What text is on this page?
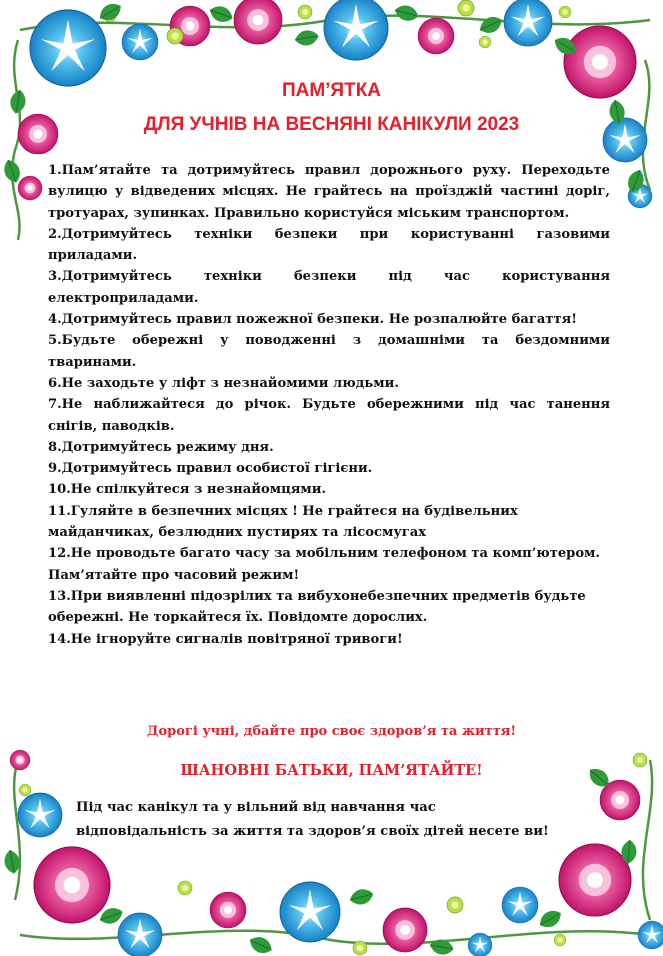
ПАМ’ЯТКА
ДЛЯ УЧНІВ НА ВЕСНЯНІ КАНІКУЛИ 2023

1.Пам’ятайте та дотримуйтесь правил дорожнього руху. Переходьте вулицю у відведених місцях. Не грайтесь на проїзджій частині доріг, тротуарах, зупинках. Правильно користуйся міським транспортом.

2.Дотримуйтесь техніки безпеки при користуванні газовими приладами.

3.Дотримуйтесь техніки безпеки під час користування електроприладами.

4.Дотримуйтесь правил пожежної безпеки. Не розпалюйте багаття!

5.Будьте обережні у поводженні з домашніми та бездомними тваринами.

6.Не заходьте у ліфт з незнайомими людьми.

7.Не наближайтеся до річок. Будьте обережними під час танення снігів, паводків.

8.Дотримуйтесь режиму дня.

9.Дотримуйтесь правил особистої гігієни.

10.Не спілкуйтеся з незнайомцями.

11.Гуляйте в безпечних місцях ! Не грайтеся на будівельних майданчиках, безлюдних пустирях та лісосмугах

12.Не проводьте багато часу за мобільним телефоном та комп’ютером. Пам’ятайте про часовий режим!

13.При виявленні підозрілих та вибухонебезпечних предметів будьте обережні. Не торкайтеся їх. Повідомте дорослих.

14.Не ігноруйте сигналів повітряної тривоги!

Дорогі учні, дбайте про своє здоров’я та життя!
ШАНОВНІ БАТЬКИ, ПАМ’ЯТАЙТЕ!
Під час канікул та у вільний від навчання час
відповідальність за життя та здоров’я своїх дітей несете ви!
